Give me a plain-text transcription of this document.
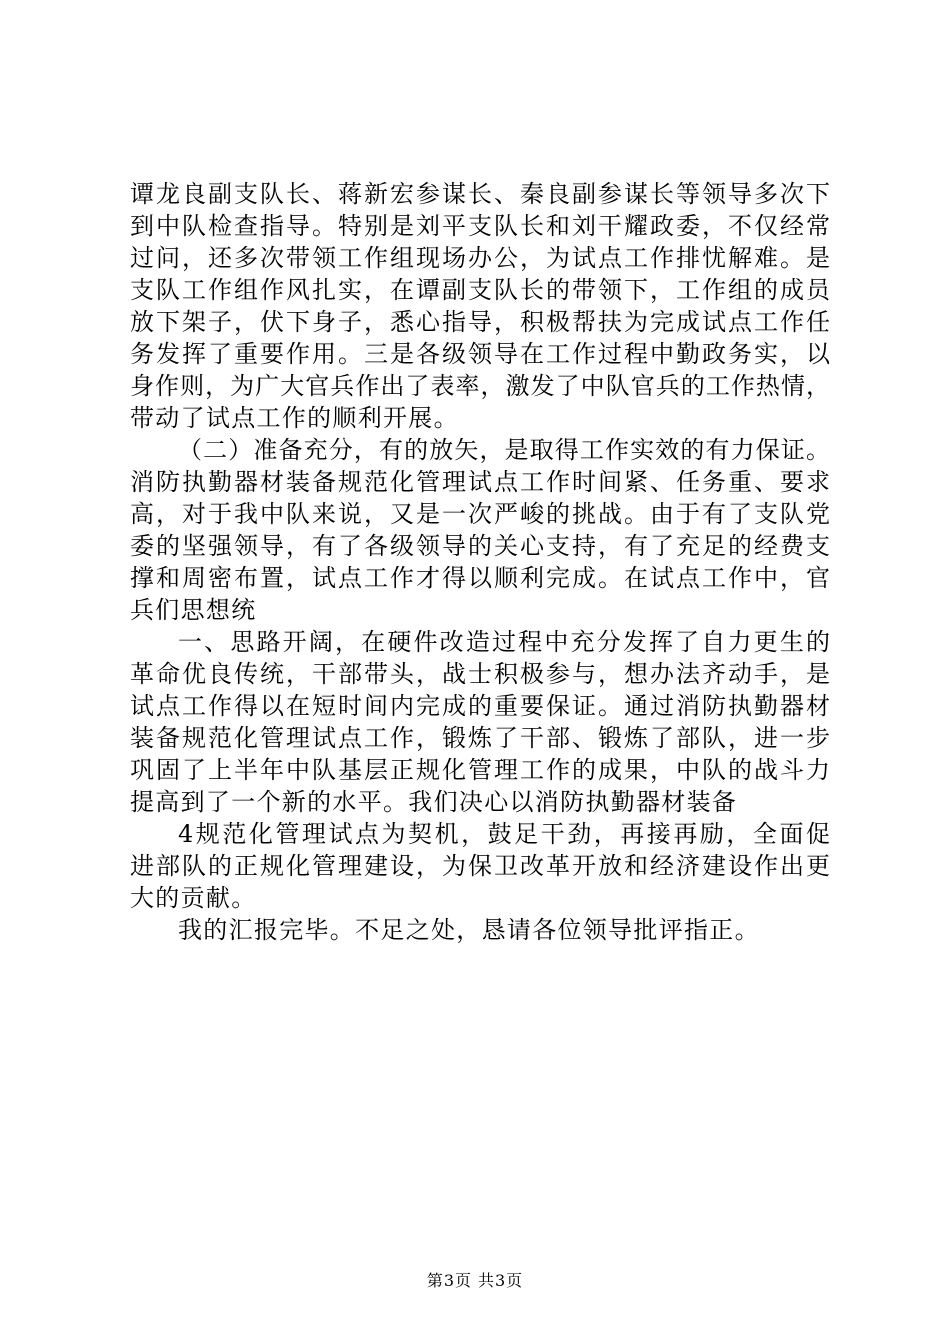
谭龙良副支队长、蒋新宏参谋长、秦良副参谋长等领导多次下
到中队检查指导。特别是刘平支队长和刘干耀政委，不仅经常
过问，还多次带领工作组现场办公，为试点工作排忧解难。是
支队工作组作风扎实，在谭副支队长的带领下，工作组的成员
放下架子，伏下身子，悉心指导，积极帮扶为完成试点工作任
务发挥了重要作用。三是各级领导在工作过程中勤政务实，以
身作则，为广大官兵作出了表率，激发了中队官兵的工作热情，
带动了试点工作的顺利开展。
（二）准备充分，有的放矢，是取得工作实效的有力保证。
消防执勤器材装备规范化管理试点工作时间紧、任务重、要求
高，对于我中队来说，又是一次严峻的挑战。由于有了支队党
委的坚强领导，有了各级领导的关心支持，有了充足的经费支
撑和周密布置，试点工作才得以顺利完成。在试点工作中，官
兵们思想统
一、思路开阔，在硬件改造过程中充分发挥了自力更生的
革命优良传统，干部带头，战士积极参与，想办法齐动手，是
试点工作得以在短时间内完成的重要保证。通过消防执勤器材
装备规范化管理试点工作，锻炼了干部、锻炼了部队，进一步
巩固了上半年中队基层正规化管理工作的成果，中队的战斗力
提高到了一个新的水平。我们决心以消防执勤器材装备
4规范化管理试点为契机，鼓足干劲，再接再励，全面促
进部队的正规化管理建设，为保卫改革开放和经济建设作出更
大的贡献。
我的汇报完毕。不足之处，恳请各位领导批评指正。
第3页 共3页
